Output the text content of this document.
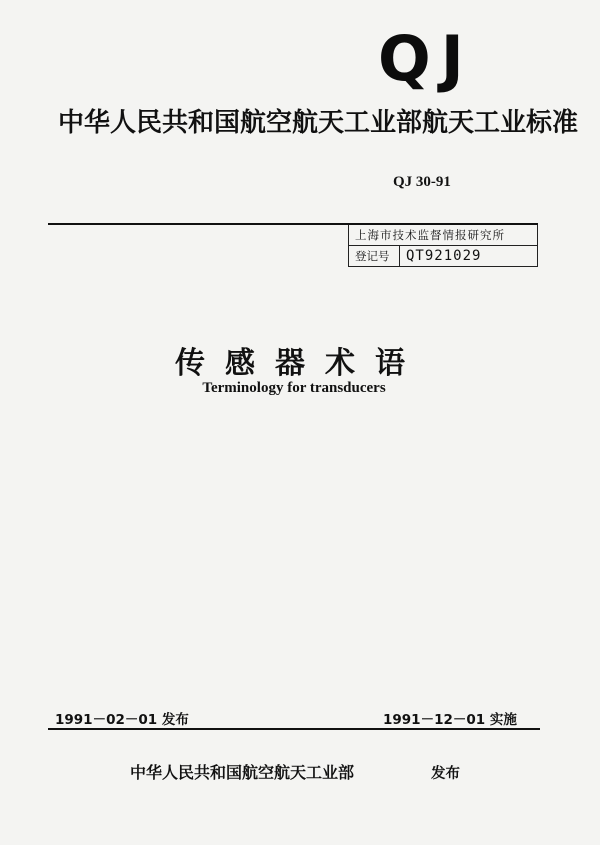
QJ
中华人民共和国航空航天工业部航天工业标准
QJ 30-91
上海市技术监督情报研究所
登记号	QT921029
传感器术语
Terminology for transducers
1991－02－01 发布	1991－12－01 实施
中华人民共和国航空航天工业部	发布
